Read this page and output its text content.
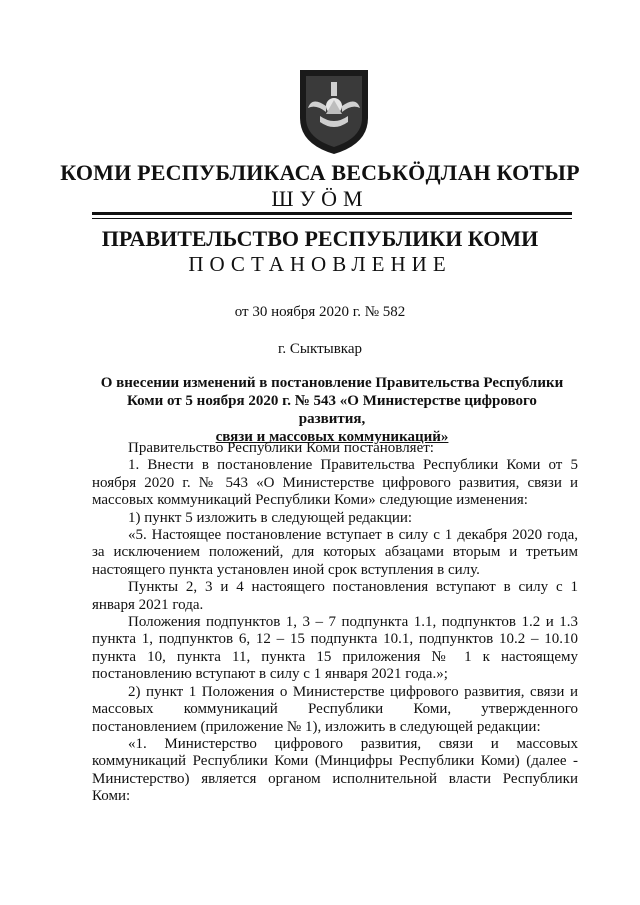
КОМИ РЕСПУБЛИКАСА ВЕСЬКÖДЛАН КОТЫР
ШУÖМ
ПРАВИТЕЛЬСТВО РЕСПУБЛИКИ КОМИ
ПОСТАНОВЛЕНИЕ
от 30 ноября 2020 г. № 582
г. Сыктывкар
О внесении изменений в постановление Правительства Республики
Коми от 5 ноября 2020 г. № 543 «О Министерстве цифрового развития,
связи и массовых коммуникаций»

Правительство Республики Коми постановляет:

1. Внести в постановление Правительства Республики Коми от 5 ноября 2020 г. № 543 «О Министерстве цифрового развития, связи и массовых коммуникаций Республики Коми» следующие изменения:

1) пункт 5 изложить в следующей редакции:

«5. Настоящее постановление вступает в силу с 1 декабря 2020 года, за исключением положений, для которых абзацами вторым и третьим настоящего пункта установлен иной срок вступления в силу.

Пункты 2, 3 и 4 настоящего постановления вступают в силу с 1 января 2021 года.

Положения подпунктов 1, 3 – 7 подпункта 1.1, подпунктов 1.2 и 1.3 пункта 1, подпунктов 6, 12 – 15 подпункта 10.1, подпунктов 10.2 – 10.10 пункта 10, пункта 11, пункта 15 приложения № 1 к настоящему постановлению вступают в силу с 1 января 2021 года.»;

2) пункт 1 Положения о Министерстве цифрового развития, связи и массовых коммуникаций Республики Коми, утвержденного постановлением (приложение № 1), изложить в следующей редакции:

«1. Министерство цифрового развития, связи и массовых коммуникаций Республики Коми (Минцифры Республики Коми) (далее - Министерство) является органом исполнительной власти Республики Коми:
